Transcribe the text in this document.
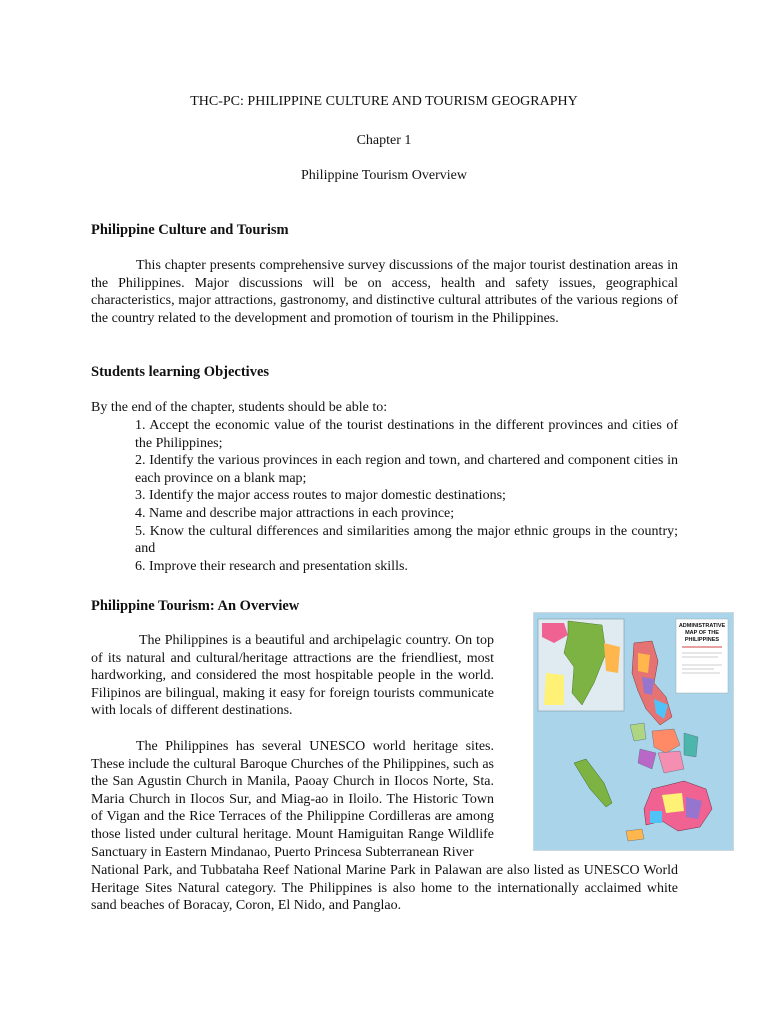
THC-PC: PHILIPPINE CULTURE AND TOURISM GEOGRAPHY
Chapter 1
Philippine Tourism Overview
Philippine Culture and Tourism

This chapter presents comprehensive survey discussions of the major tourist destination areas in the Philippines. Major discussions will be on access, health and safety issues, geographical characteristics, major attractions, gastronomy, and distinctive cultural attributes of the various regions of the country related to the development and promotion of tourism in the Philippines.

Students learning Objectives

By the end of the chapter, students should be able to:

1. Accept the economic value of the tourist destinations in the different provinces and cities of the Philippines;
2. Identify the various provinces in each region and town, and chartered and component cities in each province on a blank map;
3. Identify the major access routes to major domestic destinations;
4. Name and describe major attractions in each province;
5. Know the cultural differences and similarities among the major ethnic groups in the country; and
6. Improve their research and presentation skills.
Philippine Tourism: An Overview

The Philippines is a beautiful and archipelagic country. On top of its natural and cultural/heritage attractions are the friendliest, most hardworking, and considered the most hospitable people in the world. Filipinos are bilingual, making it easy for foreign tourists communicate with locals of different destinations.

The Philippines has several UNESCO world heritage sites. These include the cultural Baroque Churches of the Philippines, such as the San Agustin Church in Manila, Paoay Church in Ilocos Norte, Sta. Maria Church in Ilocos Sur, and Miag-ao in Iloilo. The Historic Town of Vigan and the Rice Terraces of the Philippine Cordilleras are among those listed under cultural heritage. Mount Hamiguitan Range Wildlife Sanctuary in Eastern Mindanao, Puerto Princesa Subterranean River

National Park, and Tubbataha Reef National Marine Park in Palawan are also listed as UNESCO World Heritage Sites Natural category. The Philippines is also home to the internationally acclaimed white sand beaches of Boracay, Coron, El Nido, and Panglao.

ADMINISTRATIVE
MAP OF THE
PHILIPPINES
